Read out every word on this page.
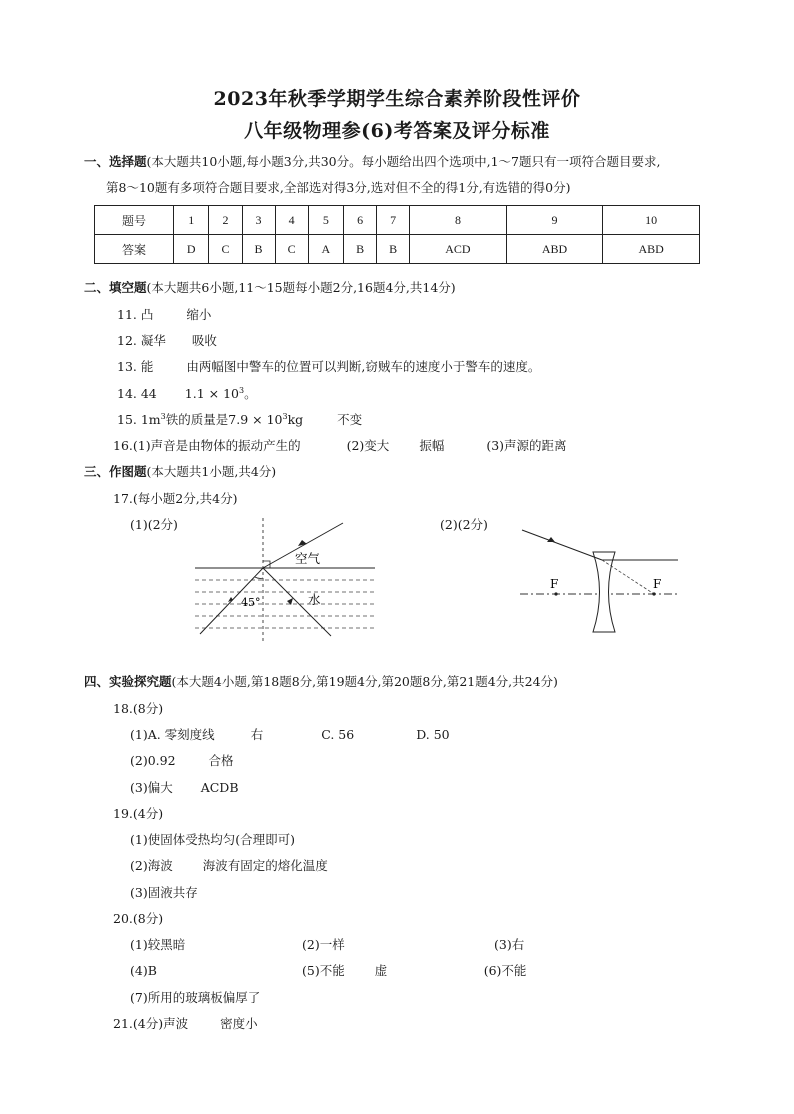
2023年秋季学期学生综合素养阶段性评价
八年级物理参(6)考答案及评分标准
一、选择题(本大题共10小题,每小题3分,共30分。每小题给出四个选项中,1～7题只有一项符合题目要求,
第8～10题有多项符合题目要求,全部选对得3分,选对但不全的得1分,有选错的得0分)
题号	1	2	3	4	5	6	7	8	9	10
答案	D	C	B	C	A	B	B	ACD	ABD	ABD
二、填空题(本大题共6小题,11～15题每小题2分,16题4分,共14分)
11. 凸	缩小
12. 凝华 吸收
13. 能	由两幅图中警车的位置可以判断,窃贼车的速度小于警车的速度。
14. 44 $1.1 \times 10^3$。
15. $1m^3$铁的质量是$7.9 \times 10^3kg$	不变
16.(1)声音是由物体的振动产生的	(2)变大 振幅	(3)声源的距离
三、作图题(本大题共1小题,共4分)
17.(每小题2分,共4分)
(1)(2分)	(2)(2分)
空气
水
45°
F	F
四、实验探究题(本大题4小题,第18题8分,第19题4分,第20题8分,第21题4分,共24分)
18.(8分)
(1)A. 零刻度线	右	C. 56	D. 50
(2)0.92	合格
(3)偏大 ACDB
19.(4分)
(1)使固体受热均匀(合理即可)
(2)海波 海波有固定的熔化温度
(3)固液共存
20.(8分)
(1)较黑暗	(2)一样	(3)右
(4)B	(5)不能 虚	(6)不能
(7)所用的玻璃板偏厚了
21.(4分)声波	密度小
